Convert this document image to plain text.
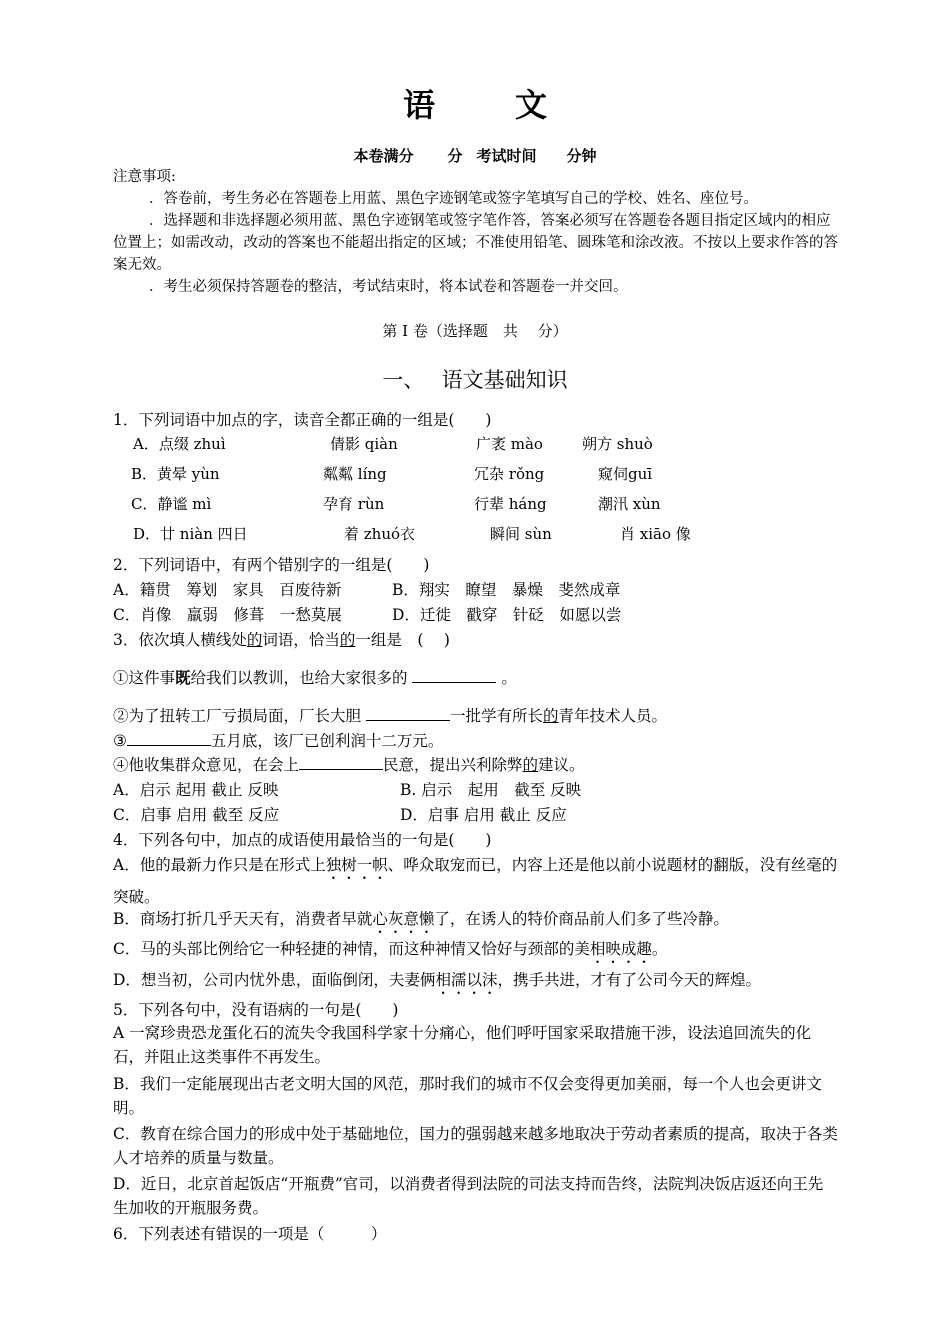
语文
本卷满分 分 考试时间 分钟
注意事项:
．答卷前，考生务必在答题卷上用蓝、黑色字迹钢笔或签字笔填写自己的学校、姓名、座位号。
．选择题和非选择题必须用蓝、黑色字迹钢笔或签字笔作答，答案必须写在答题卷各题目指定区域内的相应位置上；如需改动，改动的答案也不能超出指定的区域；不准使用铅笔、圆珠笔和涂改液。不按以上要求作答的答案无效。
．考生必须保持答题卷的整洁，考试结束时，将本试卷和答题卷一并交回。
第 I 卷（选择题　共　 分）
一、　 语文基础知识
1．下列词语中加点的字，读音全都正确的一组是(　　)
A．点缀 zhuì	倩影 qiàn	广袤 mào	朔方 shuò
B．黄晕 yùn	粼粼 líng	冗杂 rǒng	窥伺guī
C．静谧 mì	孕育 rùn	行辈 háng	潮汛 xùn
D．廿 niàn 四日	着 zhuó衣	瞬间 sùn	肖 xiāo 像
2．下列词语中，有两个错别字的一组是(　　)
A．籍贯　筹划　家具　百废待新	B．翔实　瞭望　暴燥　斐然成章
C．肖像　羸弱　修葺　一愁莫展	D．迁徙　戳穿　针砭　如愿以尝
3．依次填人横线处的词语，恰当的一组是　(　 )
①这件事既给我们以教训，也给大家很多的	。
②为了扭转工厂亏损局面，厂长大胆	一批学有所长的青年技术人员。
③	五月底，该厂已创利润十二万元。
④他收集群众意见，在会上	民意，提出兴利除弊的建议。
A．启示 起用 截止 反映	B. 启示　起用　截至 反映
C．启事 启用 截至 反应	D．启事 启用 截止 反应
4．下列各句中，加点的成语使用最恰当的一句是(　　)
A．他的最新力作只是在形式上独树一帜、哗众取宠而已，内容上还是他以前小说题材的翻版，没有丝毫的突破。
B．商场打折几乎天天有，消费者早就心灰意懒了，在诱人的特价商品前人们多了些冷静。
C．马的头部比例给它一种轻捷的神情，而这种神情又恰好与颈部的美相映成趣。
D．想当初，公司内忧外患，面临倒闭，夫妻俩相濡以沫，携手共进，才有了公司今天的辉煌。
5．下列各句中，没有语病的一句是(　　)
A 一窝珍贵恐龙蛋化石的流失令我国科学家十分痛心，他们呼吁国家采取措施干涉，设法追回流失的化石，并阻止这类事件不再发生。
B．我们一定能展现出古老文明大国的风范，那时我们的城市不仅会变得更加美丽，每一个人也会更讲文明。
C．教育在综合国力的形成中处于基础地位，国力的强弱越来越多地取决于劳动者素质的提高，取决于各类人才培养的质量与数量。
D．近日，北京首起饭店“开瓶费”官司，以消费者得到法院的司法支持而告终，法院判决饭店返还向王先生加收的开瓶服务费。
6．下列表述有错误的一项是（　　　）
